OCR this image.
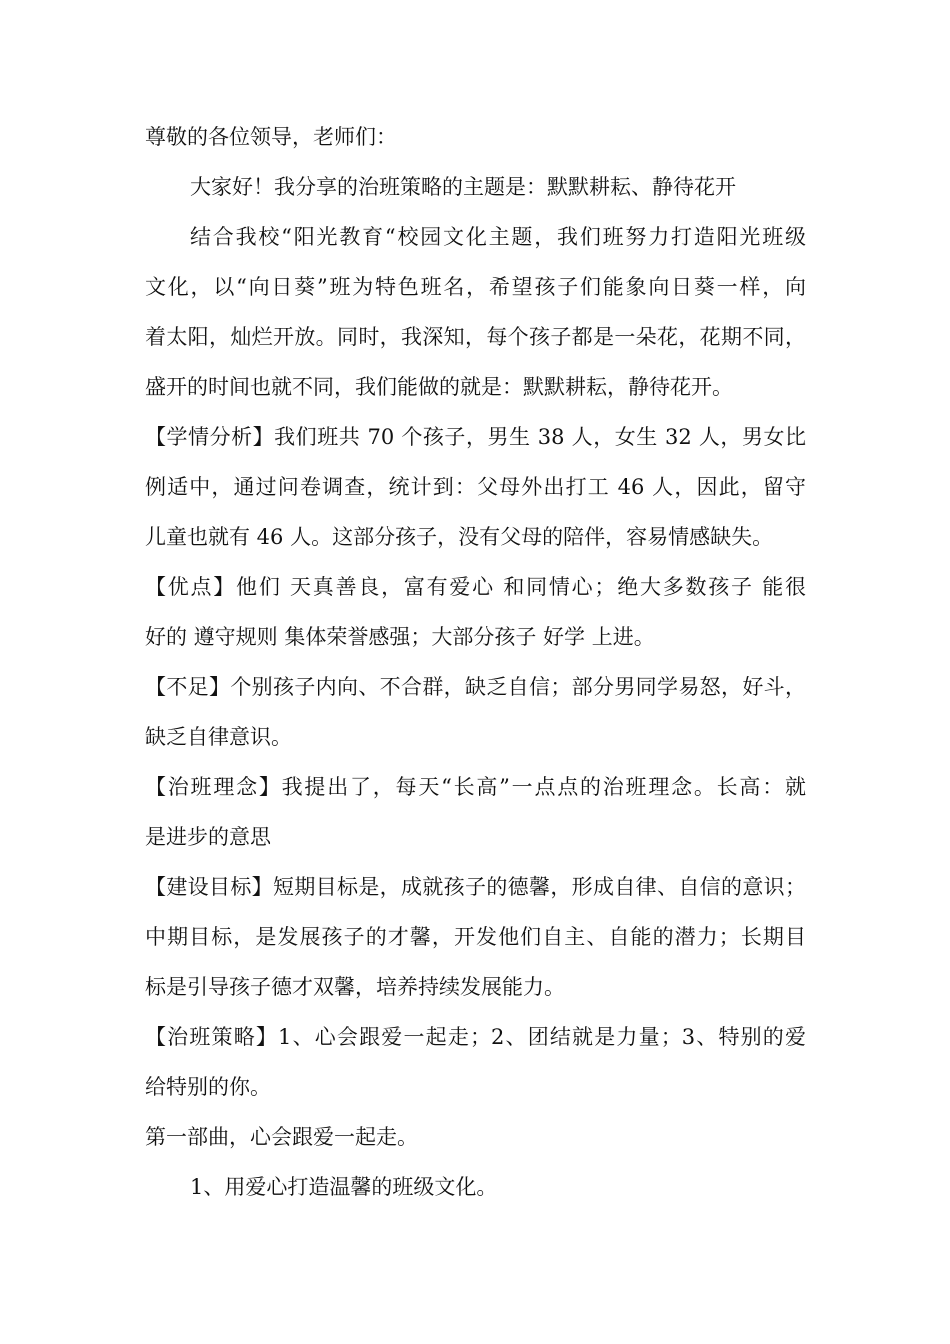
尊敬的各位领导，老师们：

大家好！我分享的治班策略的主题是：默默耕耘、静待花开

结合我校“阳光教育“校园文化主题，我们班努力打造阳光班级

文化，以“向日葵”班为特色班名，希望孩子们能象向日葵一样，向

着太阳，灿烂开放。同时，我深知，每个孩子都是一朵花，花期不同，

盛开的时间也就不同，我们能做的就是：默默耕耘，静待花开。

【学情分析】我们班共 70 个孩子，男生 38 人，女生 32 人，男女比

例适中，通过问卷调查，统计到：父母外出打工 46 人，因此，留守

儿童也就有 46 人。这部分孩子，没有父母的陪伴，容易情感缺失。

【优点】他们 天真善良，富有爱心 和同情心；绝大多数孩子 能很

好的 遵守规则 集体荣誉感强；大部分孩子 好学 上进。

【不足】个别孩子内向、不合群，缺乏自信；部分男同学易怒，好斗，

缺乏自律意识。

【治班理念】我提出了，每天“长高”一点点的治班理念。长高：就

是进步的意思

【建设目标】短期目标是，成就孩子的德馨，形成自律、自信的意识；

中期目标，是发展孩子的才馨，开发他们自主、自能的潜力；长期目

标是引导孩子德才双馨，培养持续发展能力。

【治班策略】1、心会跟爱一起走；2、团结就是力量；3、特别的爱

给特别的你。

第一部曲，心会跟爱一起走。

1、用爱心打造温馨的班级文化。
